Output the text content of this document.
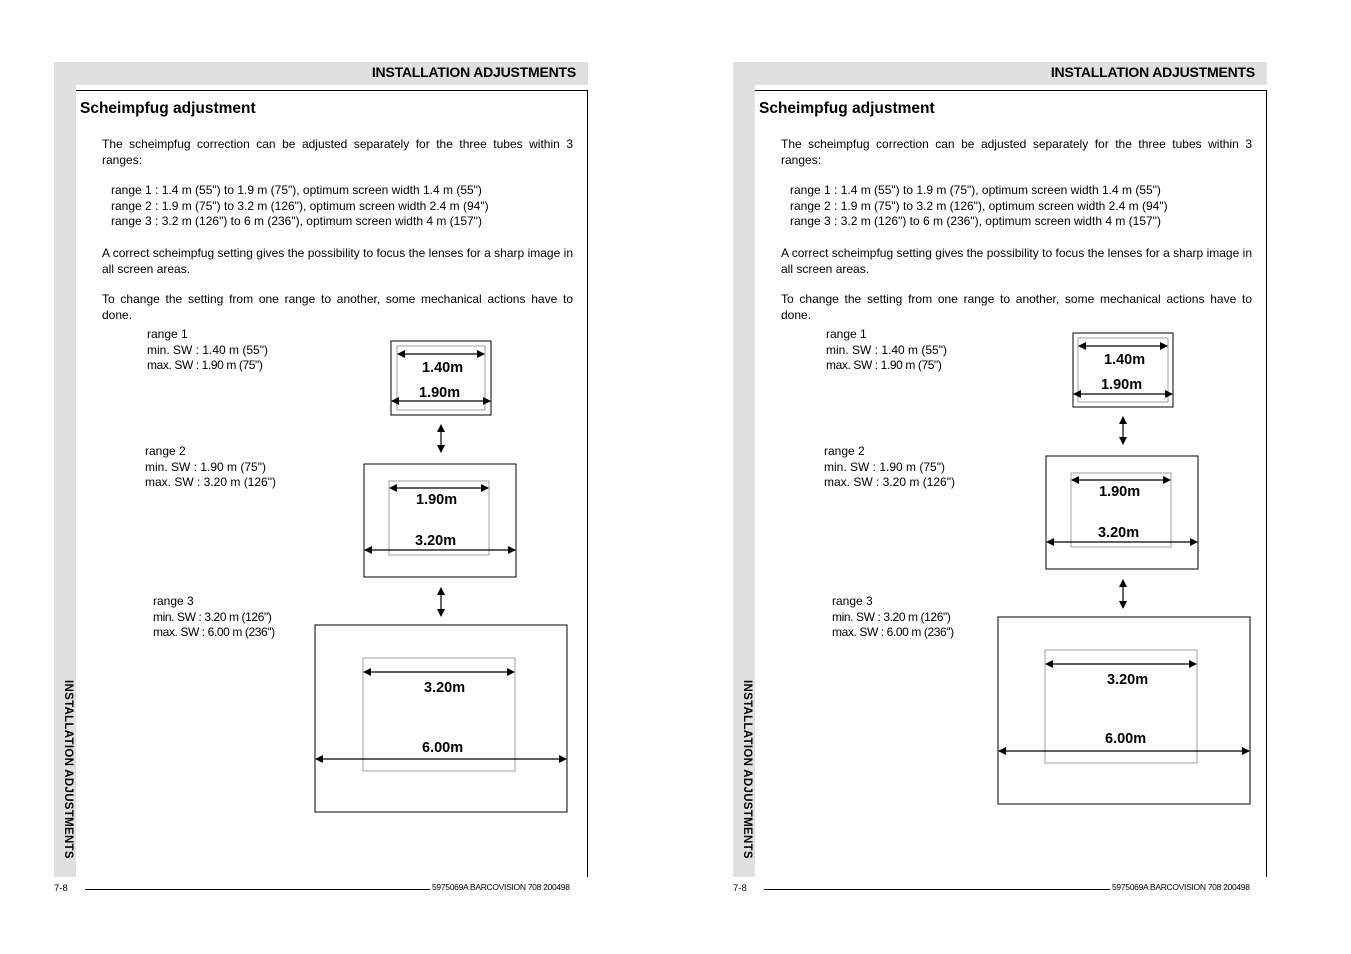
INSTALLATION ADJUSTMENTS
INSTALLATION ADJUSTMENTS
Scheimpfug adjustment
The scheimpfug correction can be adjusted separately for the three tubes within 3 ranges:
range 1 : 1.4 m (55") to 1.9 m (75"), optimum screen width 1.4 m (55")
range 2 : 1.9 m (75") to 3.2 m (126"), optimum screen width 2.4 m (94")
range 3 : 3.2 m (126") to 6 m (236"), optimum screen width 4 m (157")
A correct scheimpfug setting gives the possibility to focus the lenses for a sharp image in all screen areas.
To change the setting from one range to another, some mechanical actions have to done.
range 1
min. SW : 1.40 m (55")
max. SW : 1.90 m (75")
range 2
min. SW : 1.90 m (75")
max. SW : 3.20 m (126")
range 3
min. SW : 3.20 m (126")
max. SW : 6.00 m (236")
1.40m
1.90m
1.90m
3.20m
3.20m
6.00m
7-8	5975069A BARCOVISION 708 200498
INSTALLATION ADJUSTMENTS
INSTALLATION ADJUSTMENTS
Scheimpfug adjustment
The scheimpfug correction can be adjusted separately for the three tubes within 3 ranges:
range 1 : 1.4 m (55") to 1.9 m (75"), optimum screen width 1.4 m (55")
range 2 : 1.9 m (75") to 3.2 m (126"), optimum screen width 2.4 m (94")
range 3 : 3.2 m (126") to 6 m (236"), optimum screen width 4 m (157")
A correct scheimpfug setting gives the possibility to focus the lenses for a sharp image in all screen areas.
To change the setting from one range to another, some mechanical actions have to done.
range 1
min. SW : 1.40 m (55")
max. SW : 1.90 m (75")
range 2
min. SW : 1.90 m (75")
max. SW : 3.20 m (126")
range 3
min. SW : 3.20 m (126")
max. SW : 6.00 m (236")
1.40m
1.90m
1.90m
3.20m
3.20m
6.00m
7-8	5975069A BARCOVISION 708 200498
